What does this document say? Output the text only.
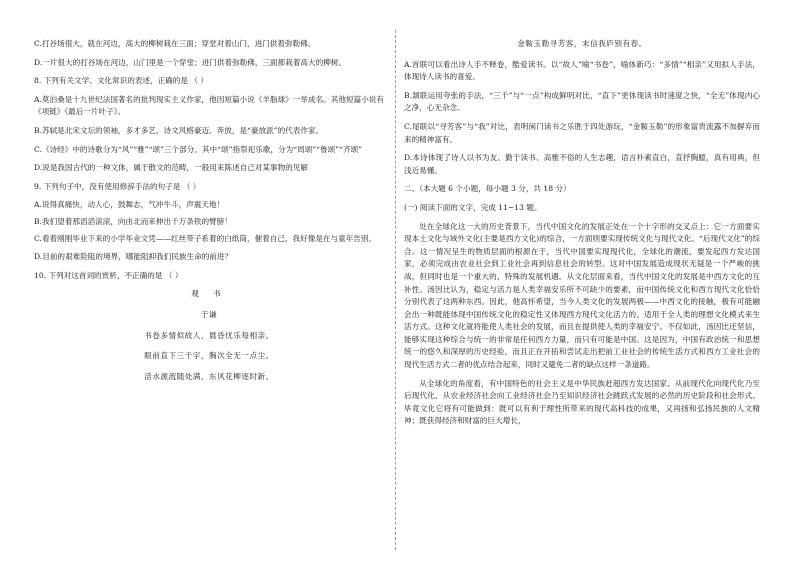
C.打谷场很大，就在河边，高大的柳树栽在三面；穿堂对着山门，进门供着弥勒佛。

D.一片很大的打谷场在河边，山门里是一个穿堂；进门供着弥勒佛，三面都栽着高大的柳树。

8. 下列有关文学、文化常识的表述，正确的是 （ ）

A.莫泊桑是十九世纪法国著名的批判现实主义作家，他因短篇小说《羊脂球》一举成名。其他短篇小说有《项链》《最后一片叶子》。

B.苏轼是北宋文坛的领袖，多才多艺，诗文风格豪迈、奔放，是“豪放派”的代表作家。

C.《诗经》中的诗歌分为“风”“雅”“颂”三个部分。其中“颂”指祭祀乐歌，分为“周颂”“鲁颂”“齐颂”

D.说是我国古代的一种文体，属于散文的范畴，一般用来陈述自己对某事物的见解

9. 下列句子中，没有使用修辞手法的句子是 （ ）

A.说得真痛快，动人心，鼓舞志，气冲牛斗，声震天地！

B.我们望着那滔滔滚滚，向由北而来伸出千万条铁的臂膀！

C.看着刚刚毕业下来的小学毕业文凭——红丝带子系着的白纸筒，催着自己，我好像是在与童年告别。

D.目前的艰难险阻的境界，哪能阻抑我们民族生命的前进？

10. 下列对这首词的赏析，不正确的是 （ ）

观 书

于谦

书卷多情似故人，晨昏忧乐每相亲。

眼前直下三千字，胸次全无一点尘。

活水源流随处满，东风花柳逐时新。

金鞍玉勒寻芳客，未信我庐别有春。

A.首联可以看出诗人手不释卷，酷爱读书。以“故人”喻“书卷”，喻体新巧：“多情”“相亲”又用拟人手法，体现诗人读书的喜爱。

B.颔联运用夸张的手法，“三千”与“一点”构成鲜明对比，“直下”更体现读书时速度之快，“全无”体现内心之净，心无杂念。

C.尾联以“寻芳客”与“我”对比，表明闲门读书之乐胜于四处游玩，“金鞍玉勒”的形象富贵流露不加摒弃而来的精神富有。

D.本诗体现了诗人以书为友、勤于读书、高雅不俗的人生志趣，语言朴素直白，直抒胸臆，真有用典，但浅近易懂。

二、（本大题 6 个小题，每小题 3 分，共 18 分）

(一) 阅读下面的文字，完成 11~13 题。

处在全球化这一大的历史背景下，当代中国文化的发展正处在一个十字形的交叉点上：它一方面要实现本土文化与域外文化(主要是西方文化)的综合，一方面则要实现传统文化与现代文化、“后现代文化”的综合。这一情况呈生的物质层面的根源在于，当代中国要实现现代化，全球化的潮流，要发起西方发达国家，必须完成由农业社会到工业社会再到信息社会的转型。这对中国发展造成现状无疑是一个严峻的挑战，但同时也是一个重大的、特殊的发展机遇。从文化层面来看，当代中国文化的发展是中西方文化的互补性。汤因比认为，稳定与活力是人类幸福安乐所不可缺少的要素，而中国传统文化和西方现代文化恰恰分别代表了这两种东西。因此，他高怀希望，当今人类文化的发展两极——中西文化的接触，极有可能融会出一种既能体现中国传统文化的稳定性又体现西方现代文化活力的、适用于全人类的理想文化模式来生活方式。这种文化就将能使人类社会的发展，而且在提供使人类的幸福安宁。不仅如此，汤因比还坚信，能够实现这种综合与统一的非常是任何西方力量，而只有可能是中国。这是因为，中国有政治统一和思想统一的悠久和深厚的历史经验，而且正在开拓和尝试走出把前工业社会的传统生活方式和西方工业社会的现代生活方式二者的优点结合起来，同时又避免二者的缺点这样一条道路。

从全球化的角度看，有中国特色的社会主义是中华民族赶超西方发达国家、从前现代化向现代化乃至后现代化、从农业经济社会向工业经济社会乃至知识经济社会跳跃式发展的必然的历史阶段和社会形式。毕竟文化它将有可能做到：既可以有利于理性所带来的现代高科技的成果，又再扬和弘扬民族的人文精神；既获得经济和财富的巨大增长，
